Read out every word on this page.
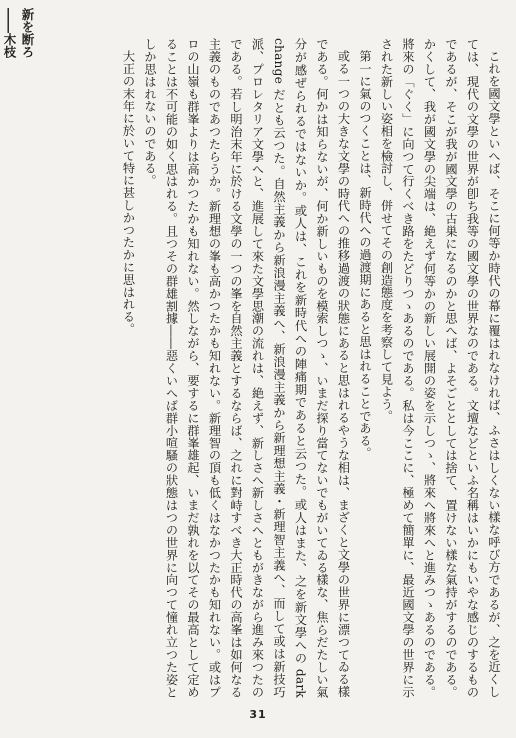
新を断ろ――木枝

これを國文學といへば、そこに何等か時代の幕に覆はれなければ、ふさはしくない樣な呼び方であるが、之を近くしては、現代の文學の世界が卽ち我等の國文學の世界なのである。文壇などといふ名稱はいかにもいやな感じのするものであるが、そこが我が國文學の古巣になるのかと思へば、よそごととしては捨て、置けない樣な氣持がするのである。かくして、我が國文學の尖端は、絶えず何等かの新しい展開の姿を示しつゝ、將來へ將來へと進みつゝあるのである。將來の「ぐく」に向つて行くべき路をたどりつゝあるのである。私は今ここに、極めて簡單に、最近國文學の世界に示された新しい姿相を檢討し、併せてその創造態度を考察して見よう。

第一に氣のつくことは、新時代への過渡期にあると思はれることである。

或る一つの大きな文學の時代への推移過渡の狀態にあると思はれるやうな相は、まざくと文學の世界に漂つてゐる樣である。何かは知らないが、何か新しいものを模索しつゝ、いまだ探り當てないでもがいてゐる樣な、焦らだたしい氣分が感ぜられるではないか。或人は、これを新時代への陣痛期であると云つた。或人はまた、之を新文學への dark change だとも云つた。自然主義から新浪漫主義へ、新浪漫主義から新理想主義・新理智主義へ、而して或は新技巧派、プロレタリア文學へと、進展して來た文學思潮の流れは、絶えず、新しさへ新しさへともがきながら進み來つたのである。若し明治末年に於ける文學の一つの峯を自然主義とするならば、之れに對峙すべき大正時代の高峯は如何なる主義のものであつたらうか。新理想の峯も高かつたかも知れない。新理智の頂も低くはなかつたかも知れない。或はプロの山嶺も群峯よりは高かつたかも知れない。然しながら、要するに群峯雄起、いまだ孰れを以てその最高として定めることは不可能の如く思はれる。且つその群雄割據――惡くいへば群小喧騷の狀態はつの世界に向つて憧れ立つた姿としか思はれないのである。

大正の末年に於いて特に甚しかつたかに思はれる。

31
